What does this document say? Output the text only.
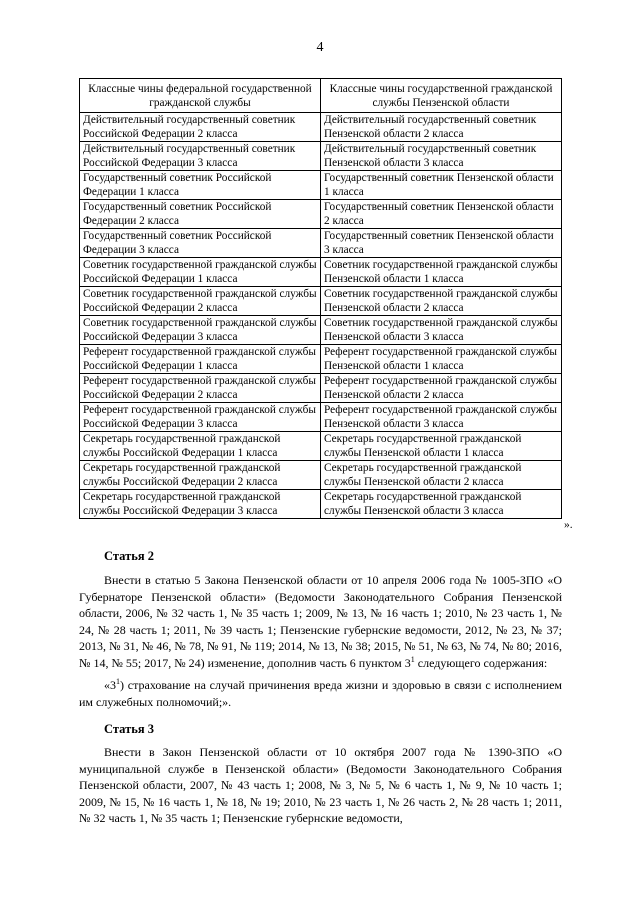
4
Классные чины федеральной государственной гражданской службы	Классные чины государственной гражданской службы Пензенской области
Действительный государственный советник Российской Федерации 2 класса	Действительный государственный советник Пензенской области 2 класса
Действительный государственный советник Российской Федерации 3 класса	Действительный государственный советник Пензенской области 3 класса
Государственный советник Российской Федерации 1 класса	Государственный советник Пензенской области 1 класса
Государственный советник Российской Федерации 2 класса	Государственный советник Пензенской области 2 класса
Государственный советник Российской Федерации 3 класса	Государственный советник Пензенской области 3 класса
Советник государственной гражданской службы Российской Федерации 1 класса	Советник государственной гражданской службы Пензенской области 1 класса
Советник государственной гражданской службы Российской Федерации 2 класса	Советник государственной гражданской службы Пензенской области 2 класса
Советник государственной гражданской службы Российской Федерации 3 класса	Советник государственной гражданской службы Пензенской области 3 класса
Референт государственной гражданской службы Российской Федерации 1 класса	Референт государственной гражданской службы Пензенской области 1 класса
Референт государственной гражданской службы Российской Федерации 2 класса	Референт государственной гражданской службы Пензенской области 2 класса
Референт государственной гражданской службы Российской Федерации 3 класса	Референт государственной гражданской службы Пензенской области 3 класса
Секретарь государственной гражданской службы Российской Федерации 1 класса	Секретарь государственной гражданской службы Пензенской области 1 класса
Секретарь государственной гражданской службы Российской Федерации 2 класса	Секретарь государственной гражданской службы Пензенской области 2 класса
Секретарь государственной гражданской службы Российской Федерации 3 класса	Секретарь государственной гражданской службы Пензенской области 3 класса
».
Статья 2

Внести в статью 5 Закона Пензенской области от 10 апреля 2006 года № 1005-ЗПО «О Губернаторе Пензенской области» (Ведомости Законодательного Собрания Пензенской области, 2006, № 32 часть 1, № 35 часть 1; 2009, № 13, № 16 часть 1; 2010, № 23 часть 1, № 24, № 28 часть 1; 2011, № 39 часть 1; Пензенские губернские ведомости, 2012, № 23, № 37; 2013, № 31, № 46, № 78, № 91, № 119; 2014, № 13, № 38; 2015, № 51, № 63, № 74, № 80; 2016, № 14, № 55; 2017, № 24) изменение, дополнив часть 6 пунктом $3^1$ следующего содержания:

«$3^1$) страхование на случай причинения вреда жизни и здоровью в связи с исполнением им служебных полномочий;».

Статья 3

Внести в Закон Пензенской области от 10 октября 2007 года № 1390-ЗПО «О муниципальной службе в Пензенской области» (Ведомости Законодательного Собрания Пензенской области, 2007, № 43 часть 1; 2008, № 3, № 5, № 6 часть 1, № 9, № 10 часть 1; 2009, № 15, № 16 часть 1, № 18, № 19; 2010, № 23 часть 1, № 26 часть 2, № 28 часть 1; 2011, № 32 часть 1, № 35 часть 1; Пензенские губернские ведомости,
